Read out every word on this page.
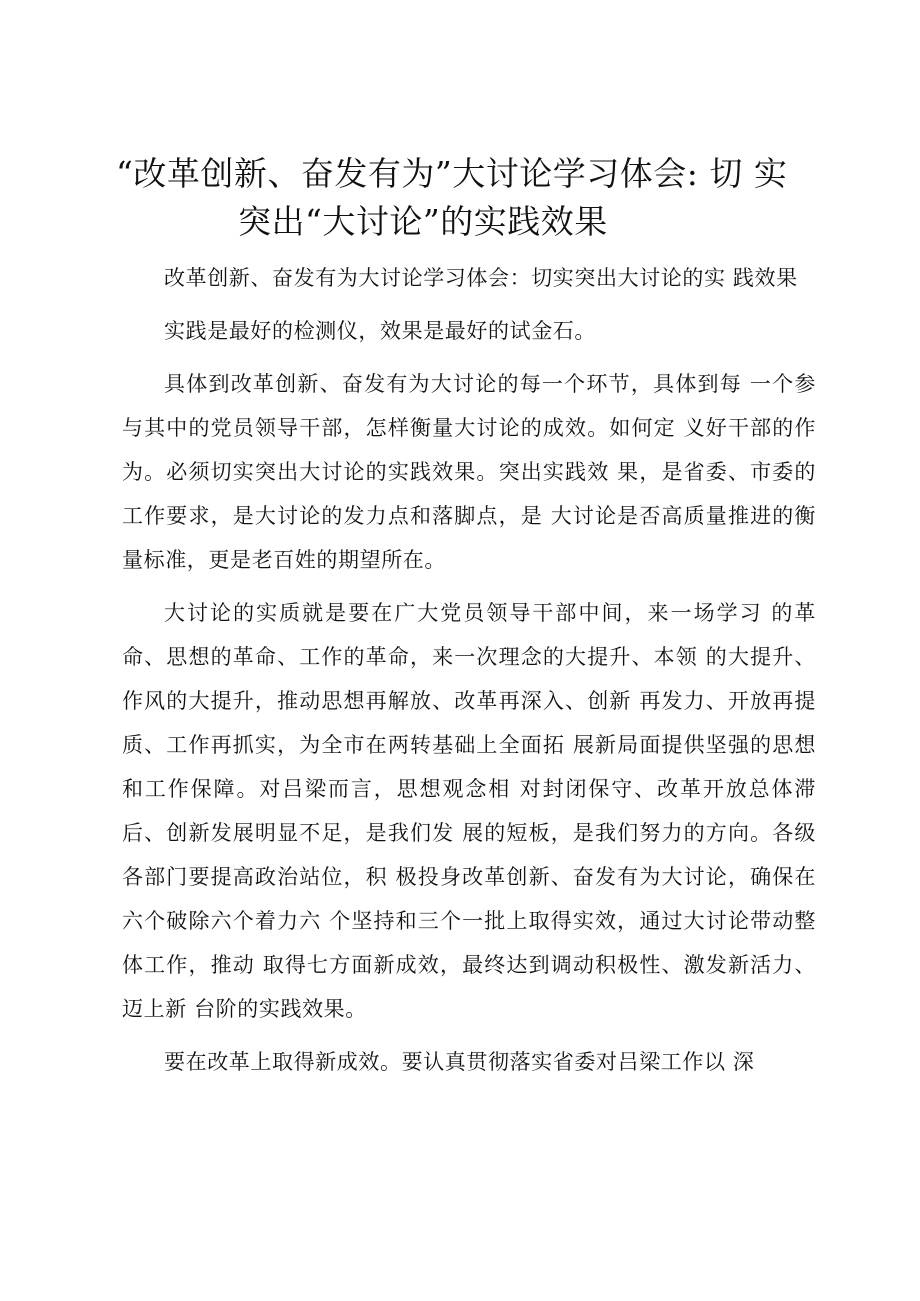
“改革创新、奋发有为”大讨论学习体会: 切 实
突出“大讨论”的实践效果

改革创新、奋发有为大讨论学习体会：切实突出大讨论的实 践效果

实践是最好的检测仪，效果是最好的试金石。

具体到改革创新、奋发有为大讨论的每一个环节，具体到每 一个参与其中的党员领导干部，怎样衡量大讨论的成效。如何定 义好干部的作为。必须切实突出大讨论的实践效果。突出实践效 果，是省委、市委的工作要求，是大讨论的发力点和落脚点，是 大讨论是否高质量推进的衡量标准，更是老百姓的期望所在。

大讨论的实质就是要在广大党员领导干部中间，来一场学习 的革命、思想的革命、工作的革命，来一次理念的大提升、本领 的大提升、作风的大提升，推动思想再解放、改革再深入、创新 再发力、开放再提质、工作再抓实，为全市在两转基础上全面拓 展新局面提供坚强的思想和工作保障。对吕梁而言，思想观念相 对封闭保守、改革开放总体滞后、创新发展明显不足，是我们发 展的短板，是我们努力的方向。各级各部门要提高政治站位，积 极投身改革创新、奋发有为大讨论，确保在六个破除六个着力六 个坚持和三个一批上取得实效，通过大讨论带动整体工作，推动 取得七方面新成效，最终达到调动积极性、激发新活力、迈上新 台阶的实践效果。

要在改革上取得新成效。要认真贯彻落实省委对吕梁工作以 深
